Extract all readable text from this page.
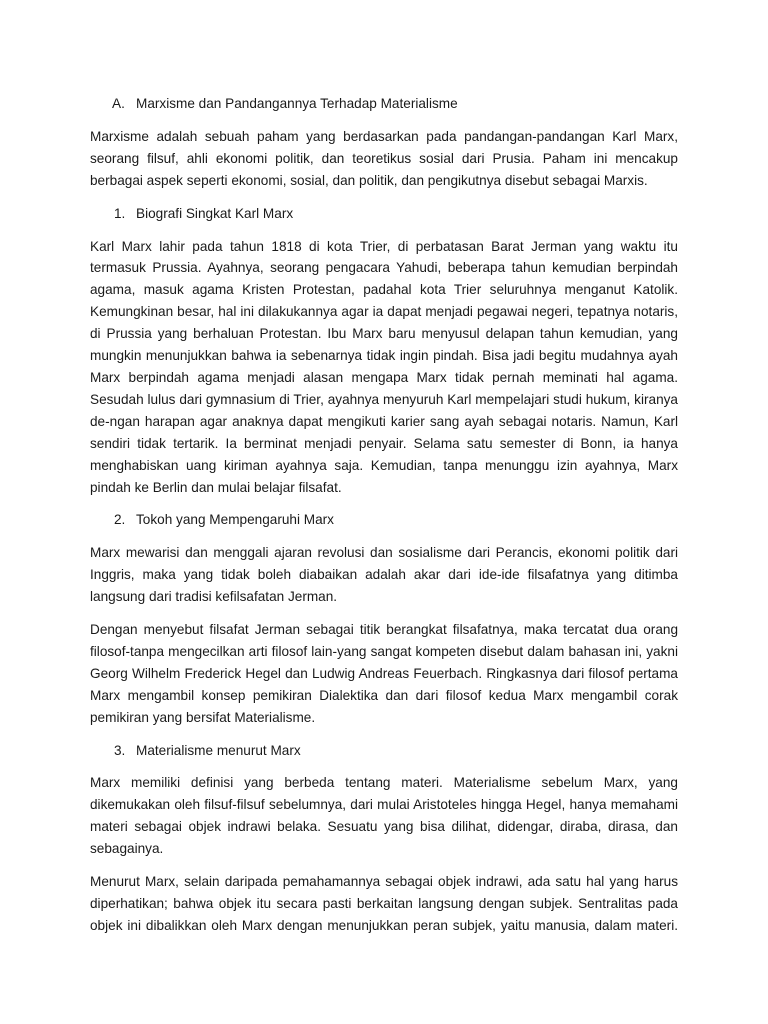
A. Marxisme dan Pandangannya Terhadap Materialisme

Marxisme adalah sebuah paham yang berdasarkan pada pandangan-pandangan Karl Marx, seorang filsuf, ahli ekonomi politik, dan teoretikus sosial dari Prusia. Paham ini mencakup berbagai aspek seperti ekonomi, sosial, dan politik, dan pengikutnya disebut sebagai Marxis.

1. Biografi Singkat Karl Marx

Karl Marx lahir pada tahun 1818 di kota Trier, di perbatasan Barat Jerman yang waktu itu termasuk Prussia. Ayahnya, seorang pengacara Yahudi, beberapa tahun kemudian berpindah agama, masuk agama Kristen Protestan, padahal kota Trier seluruhnya menganut Katolik. Kemungkinan besar, hal ini dilakukannya agar ia dapat menjadi pegawai negeri, tepatnya notaris, di Prussia yang berhaluan Protestan. Ibu Marx baru menyusul delapan tahun kemudian, yang mungkin menunjukkan bahwa ia sebenarnya tidak ingin pindah. Bisa jadi begitu mudahnya ayah Marx berpindah agama menjadi alasan mengapa Marx tidak pernah meminati hal agama. Sesudah lulus dari gymnasium di Trier, ayahnya menyuruh Karl mempelajari studi hukum, kiranya de-ngan harapan agar anaknya dapat mengikuti karier sang ayah sebagai notaris. Namun, Karl sendiri tidak tertarik. Ia berminat menjadi penyair. Selama satu semester di Bonn, ia hanya menghabiskan uang kiriman ayahnya saja. Kemudian, tanpa menunggu izin ayahnya, Marx pindah ke Berlin dan mulai belajar filsafat.

2. Tokoh yang Mempengaruhi Marx

Marx mewarisi dan menggali ajaran revolusi dan sosialisme dari Perancis, ekonomi politik dari Inggris, maka yang tidak boleh diabaikan adalah akar dari ide-ide filsafatnya yang ditimba langsung dari tradisi kefilsafatan Jerman.

Dengan menyebut filsafat Jerman sebagai titik berangkat filsafatnya, maka tercatat dua orang filosof-tanpa mengecilkan arti filosof lain-yang sangat kompeten disebut dalam bahasan ini, yakni Georg Wilhelm Frederick Hegel dan Ludwig Andreas Feuerbach. Ringkasnya dari filosof pertama Marx mengambil konsep pemikiran Dialektika dan dari filosof kedua Marx mengambil corak pemikiran yang bersifat Materialisme.

3. Materialisme menurut Marx

Marx memiliki definisi yang berbeda tentang materi. Materialisme sebelum Marx, yang dikemukakan oleh filsuf-filsuf sebelumnya, dari mulai Aristoteles hingga Hegel, hanya memahami materi sebagai objek indrawi belaka. Sesuatu yang bisa dilihat, didengar, diraba, dirasa, dan sebagainya.

Menurut Marx, selain daripada pemahamannya sebagai objek indrawi, ada satu hal yang harus diperhatikan; bahwa objek itu secara pasti berkaitan langsung dengan subjek. Sentralitas pada objek ini dibalikkan oleh Marx dengan menunjukkan peran subjek, yaitu manusia, dalam materi.
